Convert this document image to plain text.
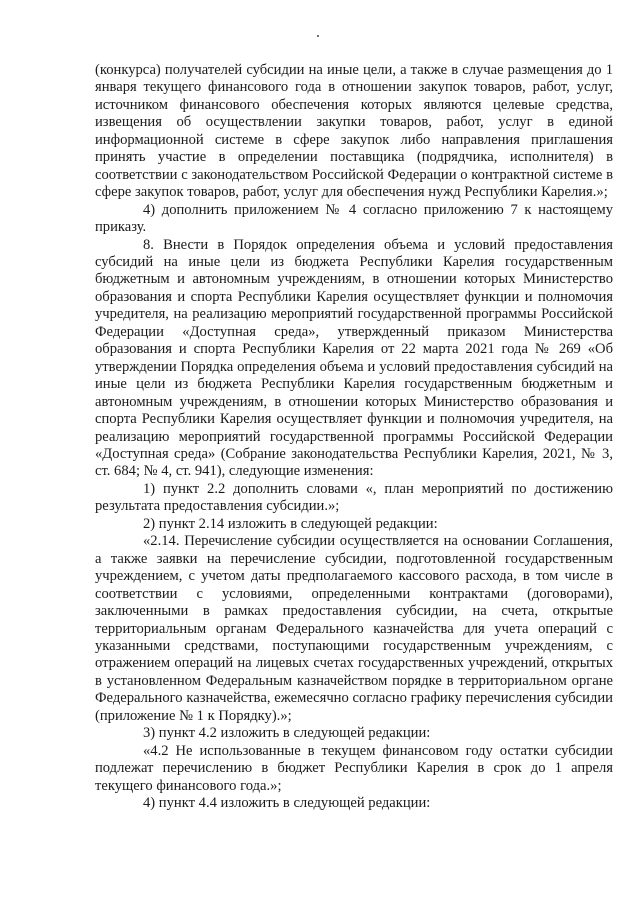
(конкурса) получателей субсидии на иные цели, а также в случае размещения до 1 января текущего финансового года в отношении закупок товаров, работ, услуг, источником финансового обеспечения которых являются целевые средства, извещения об осуществлении закупки товаров, работ, услуг в единой информационной системе в сфере закупок либо направления приглашения принять участие в определении поставщика (подрядчика, исполнителя) в соответствии с законодательством Российской Федерации о контрактной системе в сфере закупок товаров, работ, услуг для обеспечения нужд Республики Карелия.»;

4) дополнить приложением № 4 согласно приложению 7 к настоящему приказу.

8. Внести в Порядок определения объема и условий предоставления субсидий на иные цели из бюджета Республики Карелия государственным бюджетным и автономным учреждениям, в отношении которых Министерство образования и спорта Республики Карелия осуществляет функции и полномочия учредителя, на реализацию мероприятий государственной программы Российской Федерации «Доступная среда», утвержденный приказом Министерства образования и спорта Республики Карелия от 22 марта 2021 года № 269 «Об утверждении Порядка определения объема и условий предоставления субсидий на иные цели из бюджета Республики Карелия государственным бюджетным и автономным учреждениям, в отношении которых Министерство образования и спорта Республики Карелия осуществляет функции и полномочия учредителя, на реализацию мероприятий государственной программы Российской Федерации «Доступная среда» (Собрание законодательства Республики Карелия, 2021, № 3, ст. 684; № 4, ст. 941), следующие изменения:

1) пункт 2.2 дополнить словами «, план мероприятий по достижению результата предоставления субсидии.»;

2) пункт 2.14 изложить в следующей редакции:

«2.14. Перечисление субсидии осуществляется на основании Соглашения, а также заявки на перечисление субсидии, подготовленной государственным учреждением, с учетом даты предполагаемого кассового расхода, в том числе в соответствии с условиями, определенными контрактами (договорами), заключенными в рамках предоставления субсидии, на счета, открытые территориальным органам Федерального казначейства для учета операций с указанными средствами, поступающими государственным учреждениям, с отражением операций на лицевых счетах государственных учреждений, открытых в установленном Федеральным казначейством порядке в территориальном органе Федерального казначейства, ежемесячно согласно графику перечисления субсидии (приложение № 1 к Порядку).»;

3) пункт 4.2 изложить в следующей редакции:

«4.2 Не использованные в текущем финансовом году остатки субсидии подлежат перечислению в бюджет Республики Карелия в срок до 1 апреля текущего финансового года.»;

4) пункт 4.4 изложить в следующей редакции:
